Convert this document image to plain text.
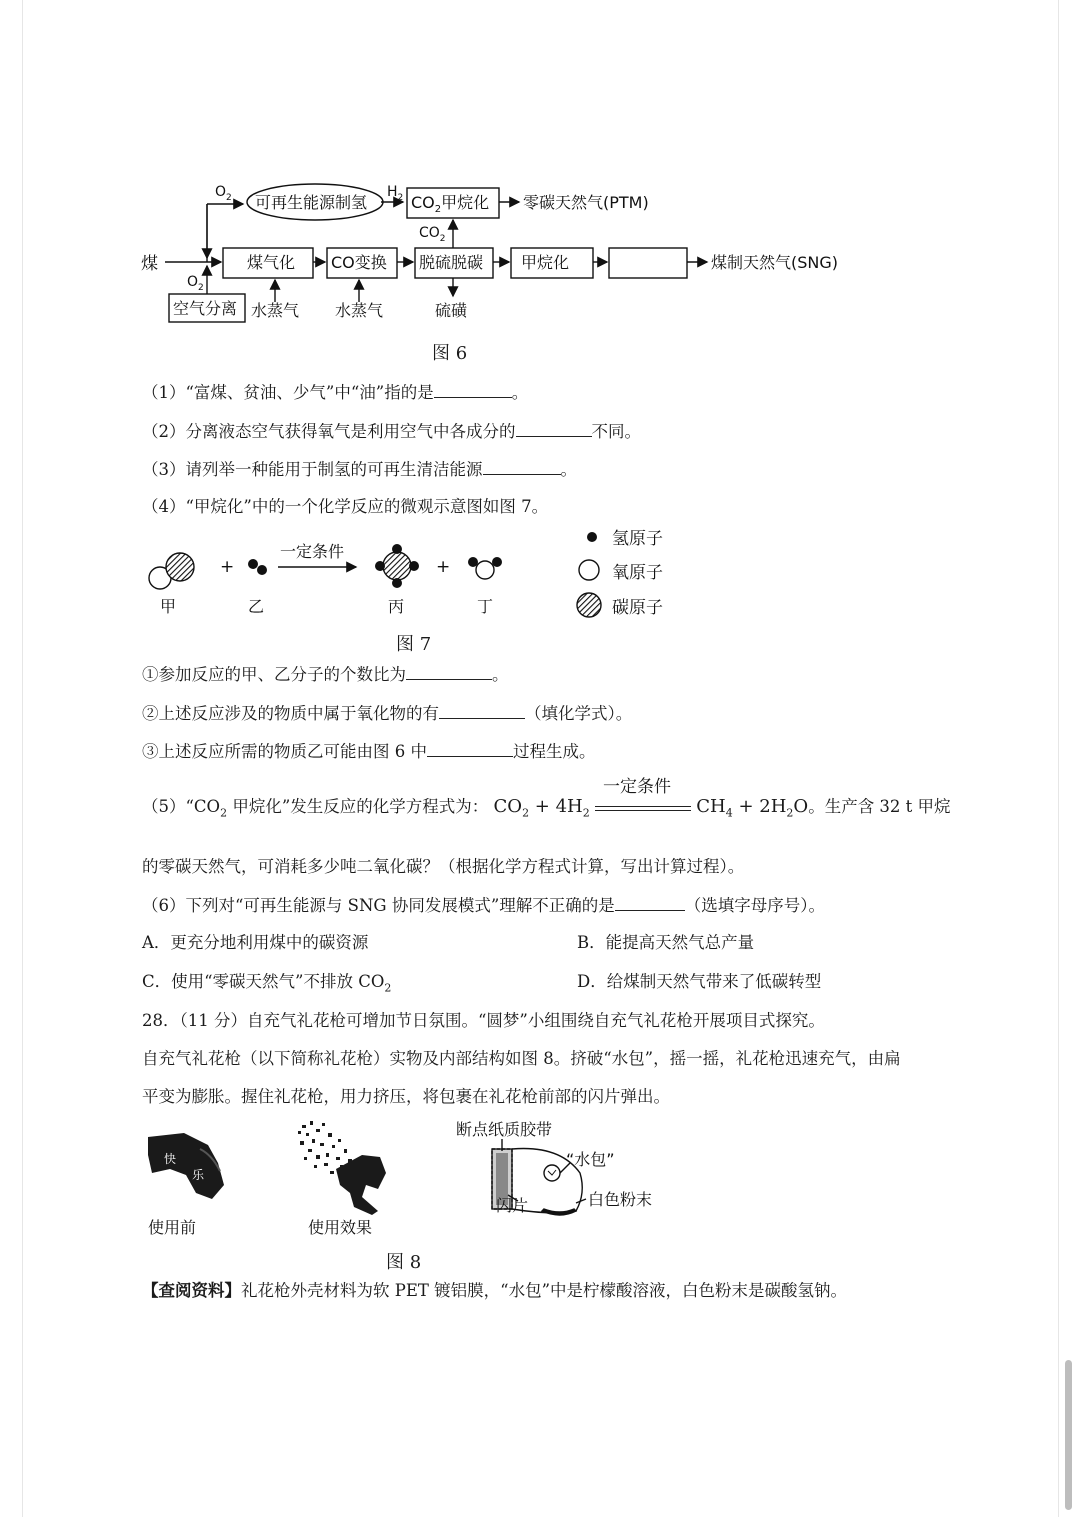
煤
$O_2$
$O_2$
$H_2$
$CO_2$
可再生能源制氢	$CO_2$甲烷化 零碳天然气(PTM)
煤气化 CO变换 脱硫脱碳 甲烷化	煤制天然气(SNG)
空气分离 水蒸气 水蒸气	硫磺
图 6
（1）“富煤、贫油、少气”中“油”指的是	。
（2）分离液态空气获得氧气是利用空气中各成分的	不同。
（3）请列举一种能用于制氢的可再生清洁能源	。
（4）“甲烷化”中的一个化学反应的微观示意图如图 7。
+	+
一定条件
甲	乙	丙	丁
氢原子
氧原子
碳原子
图 7
①参加反应的甲、乙分子的个数比为	。
②上述反应涉及的物质中属于氧化物的有	（填化学式）。
③上述反应所需的物质乙可能由图 6 中	过程生成。
$(5)“CO_2$ 甲烷化”发生反应的化学方程式为： $CO_2 + 4H_2$
一定条件
$CH_4 + 2H_2O$。生产含 32 t 甲烷
的零碳天然气，可消耗多少吨二氧化碳？（根据化学方程式计算，写出计算过程）。
（6）下列对“可再生能源与 SNG 协同发展模式”理解不正确的是	（选填字母序号）。
A．更充分地利用煤中的碳资源	B．能提高天然气总产量
C．使用“零碳天然气”不排放 $CO_2$	D．给煤制天然气带来了低碳转型
28．（11 分）自充气礼花枪可增加节日氛围。“圆梦”小组围绕自充气礼花枪开展项目式探究。
自充气礼花枪（以下简称礼花枪）实物及内部结构如图 8。挤破“水包”，摇一摇，礼花枪迅速充气，由扁
平变为膨胀。握住礼花枪，用力挤压，将包裹在礼花枪前部的闪片弹出。
快
乐
使用前	使用效果
断点纸质胶带
“水包”
闪片	白色粉末
图 8
【查阅资料】礼花枪外壳材料为软 PET 镀铝膜，“水包”中是柠檬酸溶液，白色粉末是碳酸氢钠。
